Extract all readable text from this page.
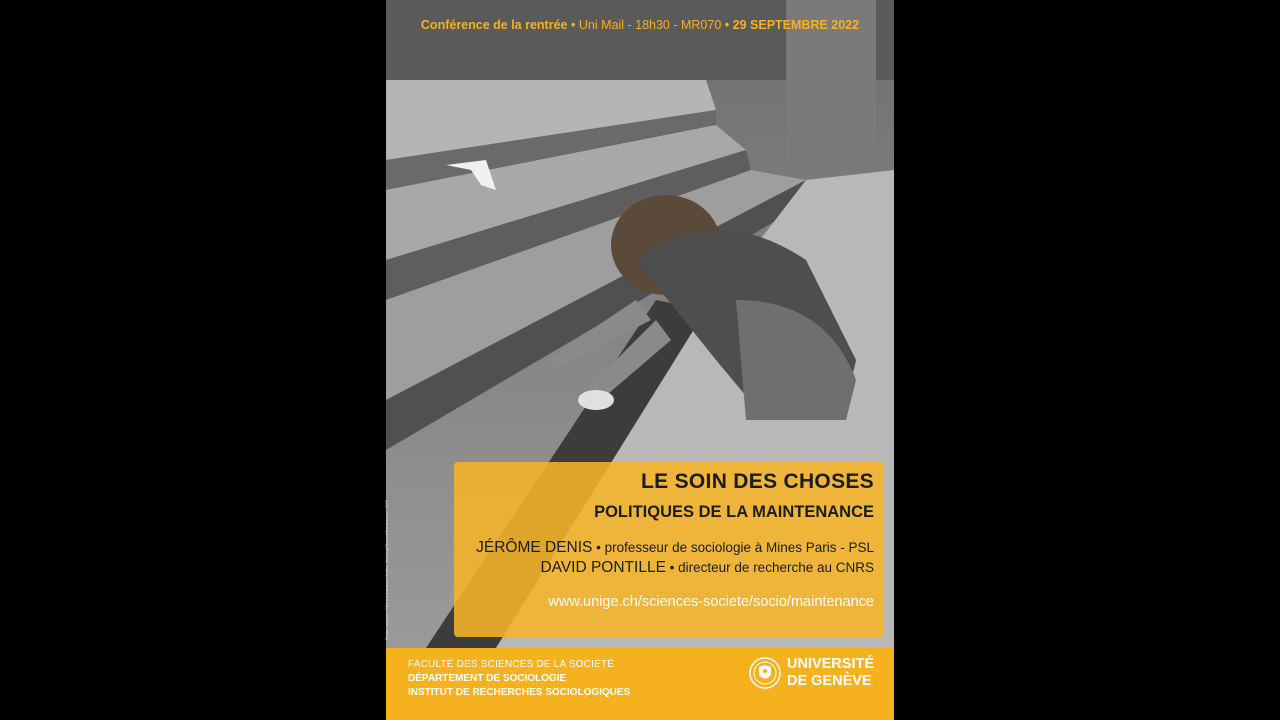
Conférence de la rentrée • Uni Mail - 18h30 - MR070 • 29 SEPTEMBRE 2022
Photo: archives / Mierle Laderman Ukeles, Washing/Tracks/Maintenance, 1973
LE SOIN DES CHOSES
POLITIQUES DE LA MAINTENANCE
JÉRÔME DENIS • professeur de sociologie à Mines Paris - PSL
DAVID PONTILLE • directeur de recherche au CNRS
www.unige.ch/sciences-societe/socio/maintenance
FACULTÉ DES SCIENCES DE LA SOCIÉTÉ
DÉPARTEMENT DE SOCIOLOGIE
INSTITUT DE RECHERCHES SOCIOLOGIQUES
UNIVERSITÉ
DE GENÈVE
